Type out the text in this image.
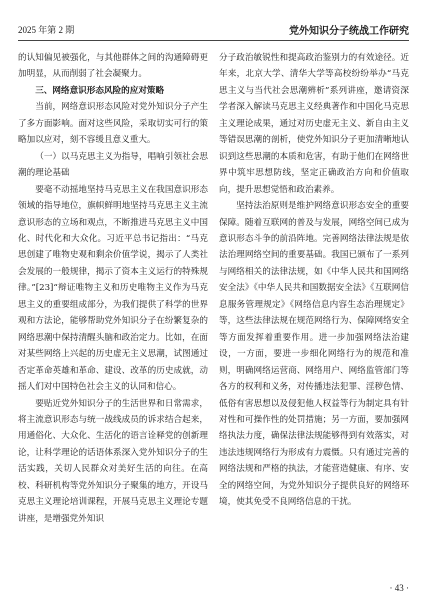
2025 年第 2 期	党外知识分子统战工作研究

的认知偏见被强化，与其他群体之间的沟通障碍更加明显，从而削弱了社会凝聚力。

三、网络意识形态风险的应对策略

当前，网络意识形态风险对党外知识分子产生了多方面影响。面对这些风险，采取切实可行的策略加以应对，刻不容缓且意义重大。

（一）以马克思主义为指导，唱响引领社会思潮的理论基础

要毫不动摇地坚持马克思主义在我国意识形态领域的指导地位，旗帜鲜明地坚持马克思主义主流意识形态的立场和观点，不断推进马克思主义中国化、时代化和大众化。习近平总书记指出：“马克思创建了唯物史观和剩余价值学说，揭示了人类社会发展的一般规律，揭示了资本主义运行的特殊规律。”[23]“辩证唯物主义和历史唯物主义作为马克思主义的重要组成部分，为我们提供了科学的世界观和方法论，能够帮助党外知识分子在纷繁复杂的网络思潮中保持清醒头脑和政治定力。比如，在面对某些网络上兴起的历史虚无主义思潮，试图通过否定革命英雄和革命、建设、改革的历史成就，动摇人们对中国特色社会主义的认同和信心。

要贴近党外知识分子的生活世界和日常需求，将主流意识形态与统一战线成员的诉求结合起来，用通俗化、大众化、生活化的语言诠释党的创新理论，让科学理论的话语体系深入党外知识分子的生活实践，关切人民群众对美好生活的向往。在高校、科研机构等党外知识分子聚集的地方，开设马克思主义理论培训课程，开展马克思主义理论专题讲座，是增强党外知识

分子政治敏锐性和提高政治鉴别力的有效途径。近年来，北京大学、清华大学等高校纷纷举办“马克思主义与当代社会思潮辨析”系列讲座，邀请资深学者深入解读马克思主义经典著作和中国化马克思主义理论成果，通过对历史虚无主义、新自由主义等错误思潮的剖析，使党外知识分子更加清晰地认识到这些思潮的本质和危害，有助于他们在网络世界中筑牢思想防线，坚定正确政治方向和价值取向，提升思想觉悟和政治素养。

坚持法治原则是维护网络意识形态安全的重要保障。随着互联网的普及与发展，网络空间已成为意识形态斗争的前沿阵地。完善网络法律法规是依法治理网络空间的重要基础。我国已颁布了一系列与网络相关的法律法规，如《中华人民共和国网络安全法》《中华人民共和国数据安全法》《互联网信息服务管理规定》《网络信息内容生态治理规定》等，这些法律法规在规范网络行为、保障网络安全等方面发挥着重要作用。进一步加强网络法治建设，一方面，要进一步细化网络行为的规范和准则，明确网络运营商、网络用户、网络监管部门等各方的权利和义务，对传播违法犯罪、淫秽色情、低俗有害思想以及侵犯他人权益等行为制定具有针对性和可操作性的处罚措施；另一方面，要加强网络执法力度，确保法律法规能够得到有效落实，对违法违规网络行为形成有力震慑。只有通过完善的网络法规和严格的执法，才能营造健康、有序、安全的网络空间，为党外知识分子提供良好的网络环境，使其免受不良网络信息的干扰。

· 43 ·
